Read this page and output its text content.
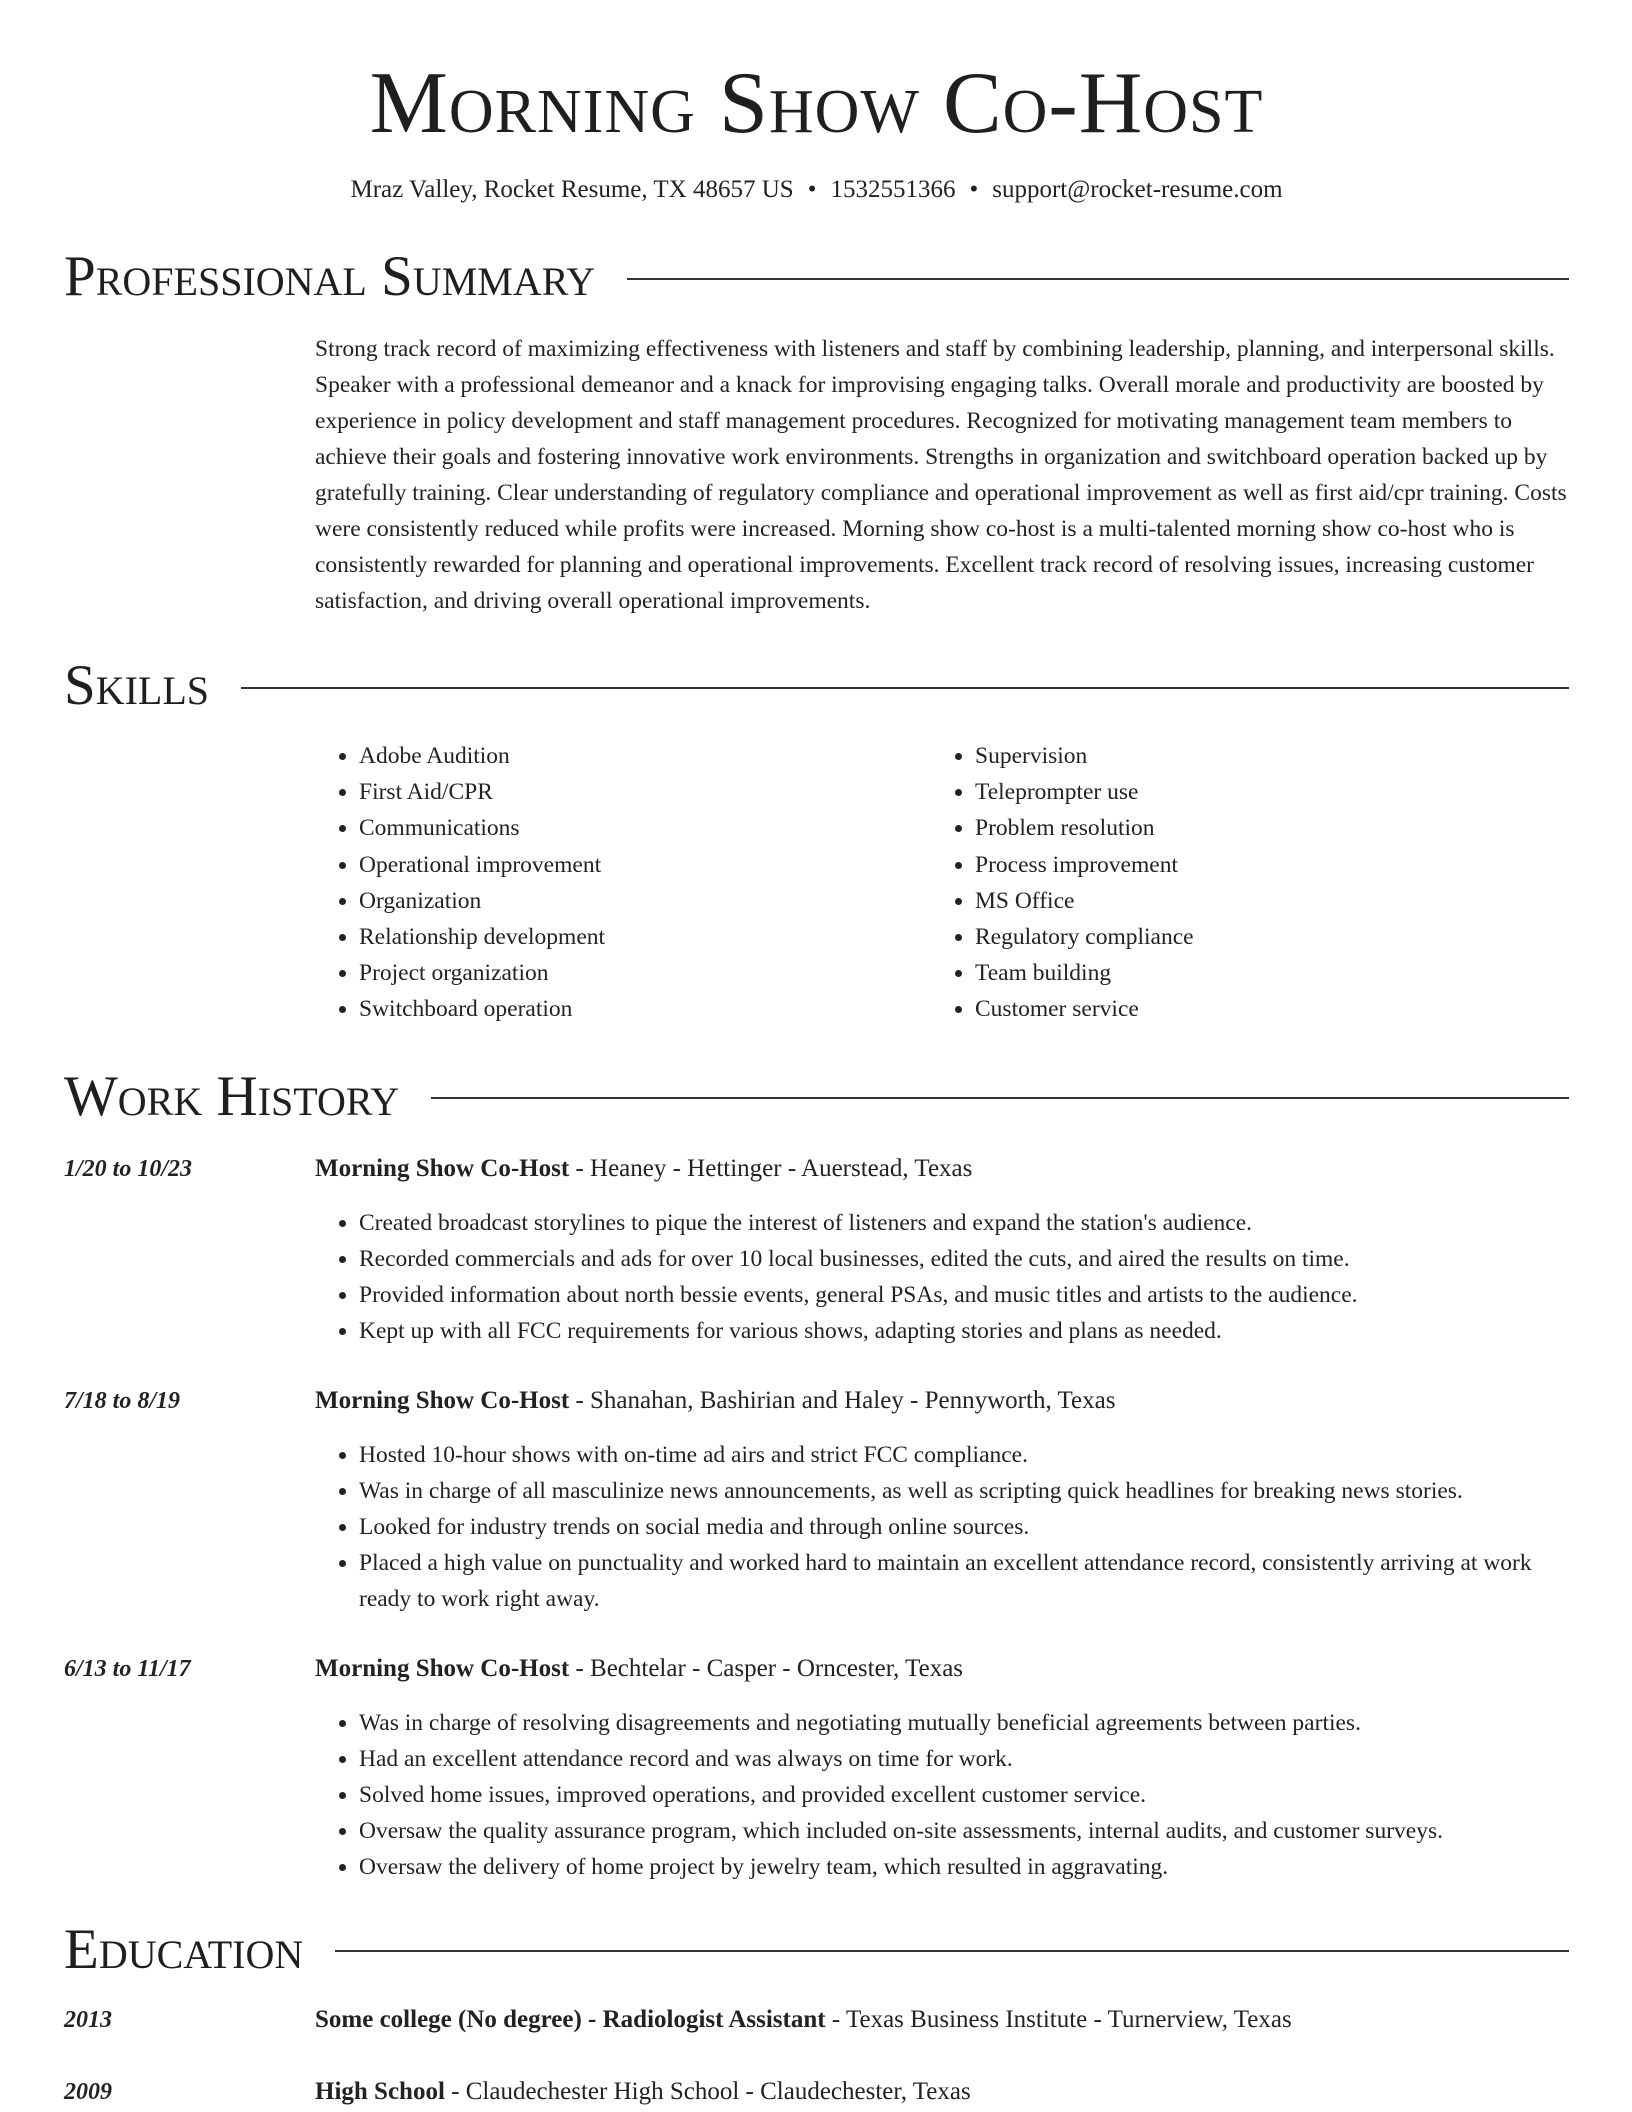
Morning Show Co-Host
Mraz Valley, Rocket Resume, TX 48657 US • 1532551366 • support@rocket-resume.com
Professional Summary
Strong track record of maximizing effectiveness with listeners and staff by combining leadership, planning, and interpersonal skills. Speaker with a professional demeanor and a knack for improvising engaging talks. Overall morale and productivity are boosted by experience in policy development and staff management procedures. Recognized for motivating management team members to achieve their goals and fostering innovative work environments. Strengths in organization and switchboard operation backed up by gratefully training. Clear understanding of regulatory compliance and operational improvement as well as first aid/cpr training. Costs were consistently reduced while profits were increased. Morning show co-host is a multi-talented morning show co-host who is consistently rewarded for planning and operational improvements. Excellent track record of resolving issues, increasing customer satisfaction, and driving overall operational improvements.
Skills
• Adobe Audition
• First Aid/CPR
• Communications
• Operational improvement
• Organization
• Relationship development
• Project organization
• Switchboard operation
• Supervision
• Teleprompter use
• Problem resolution
• Process improvement
• MS Office
• Regulatory compliance
• Team building
• Customer service
Work History
1/20 to 10/23	Morning Show Co-Host - Heaney - Hettinger - Auerstead, Texas
• Created broadcast storylines to pique the interest of listeners and expand the station's audience.
• Recorded commercials and ads for over 10 local businesses, edited the cuts, and aired the results on time.
• Provided information about north bessie events, general PSAs, and music titles and artists to the audience.
• Kept up with all FCC requirements for various shows, adapting stories and plans as needed.
7/18 to 8/19	Morning Show Co-Host - Shanahan, Bashirian and Haley - Pennyworth, Texas
• Hosted 10-hour shows with on-time ad airs and strict FCC compliance.
• Was in charge of all masculinize news announcements, as well as scripting quick headlines for breaking news stories.
• Looked for industry trends on social media and through online sources.
• Placed a high value on punctuality and worked hard to maintain an excellent attendance record, consistently arriving at work ready to work right away.
6/13 to 11/17	Morning Show Co-Host - Bechtelar - Casper - Orncester, Texas
• Was in charge of resolving disagreements and negotiating mutually beneficial agreements between parties.
• Had an excellent attendance record and was always on time for work.
• Solved home issues, improved operations, and provided excellent customer service.
• Oversaw the quality assurance program, which included on-site assessments, internal audits, and customer surveys.
• Oversaw the delivery of home project by jewelry team, which resulted in aggravating.
Education
2013	Some college (No degree) - Radiologist Assistant - Texas Business Institute - Turnerview, Texas
2009	High School - Claudechester High School - Claudechester, Texas
